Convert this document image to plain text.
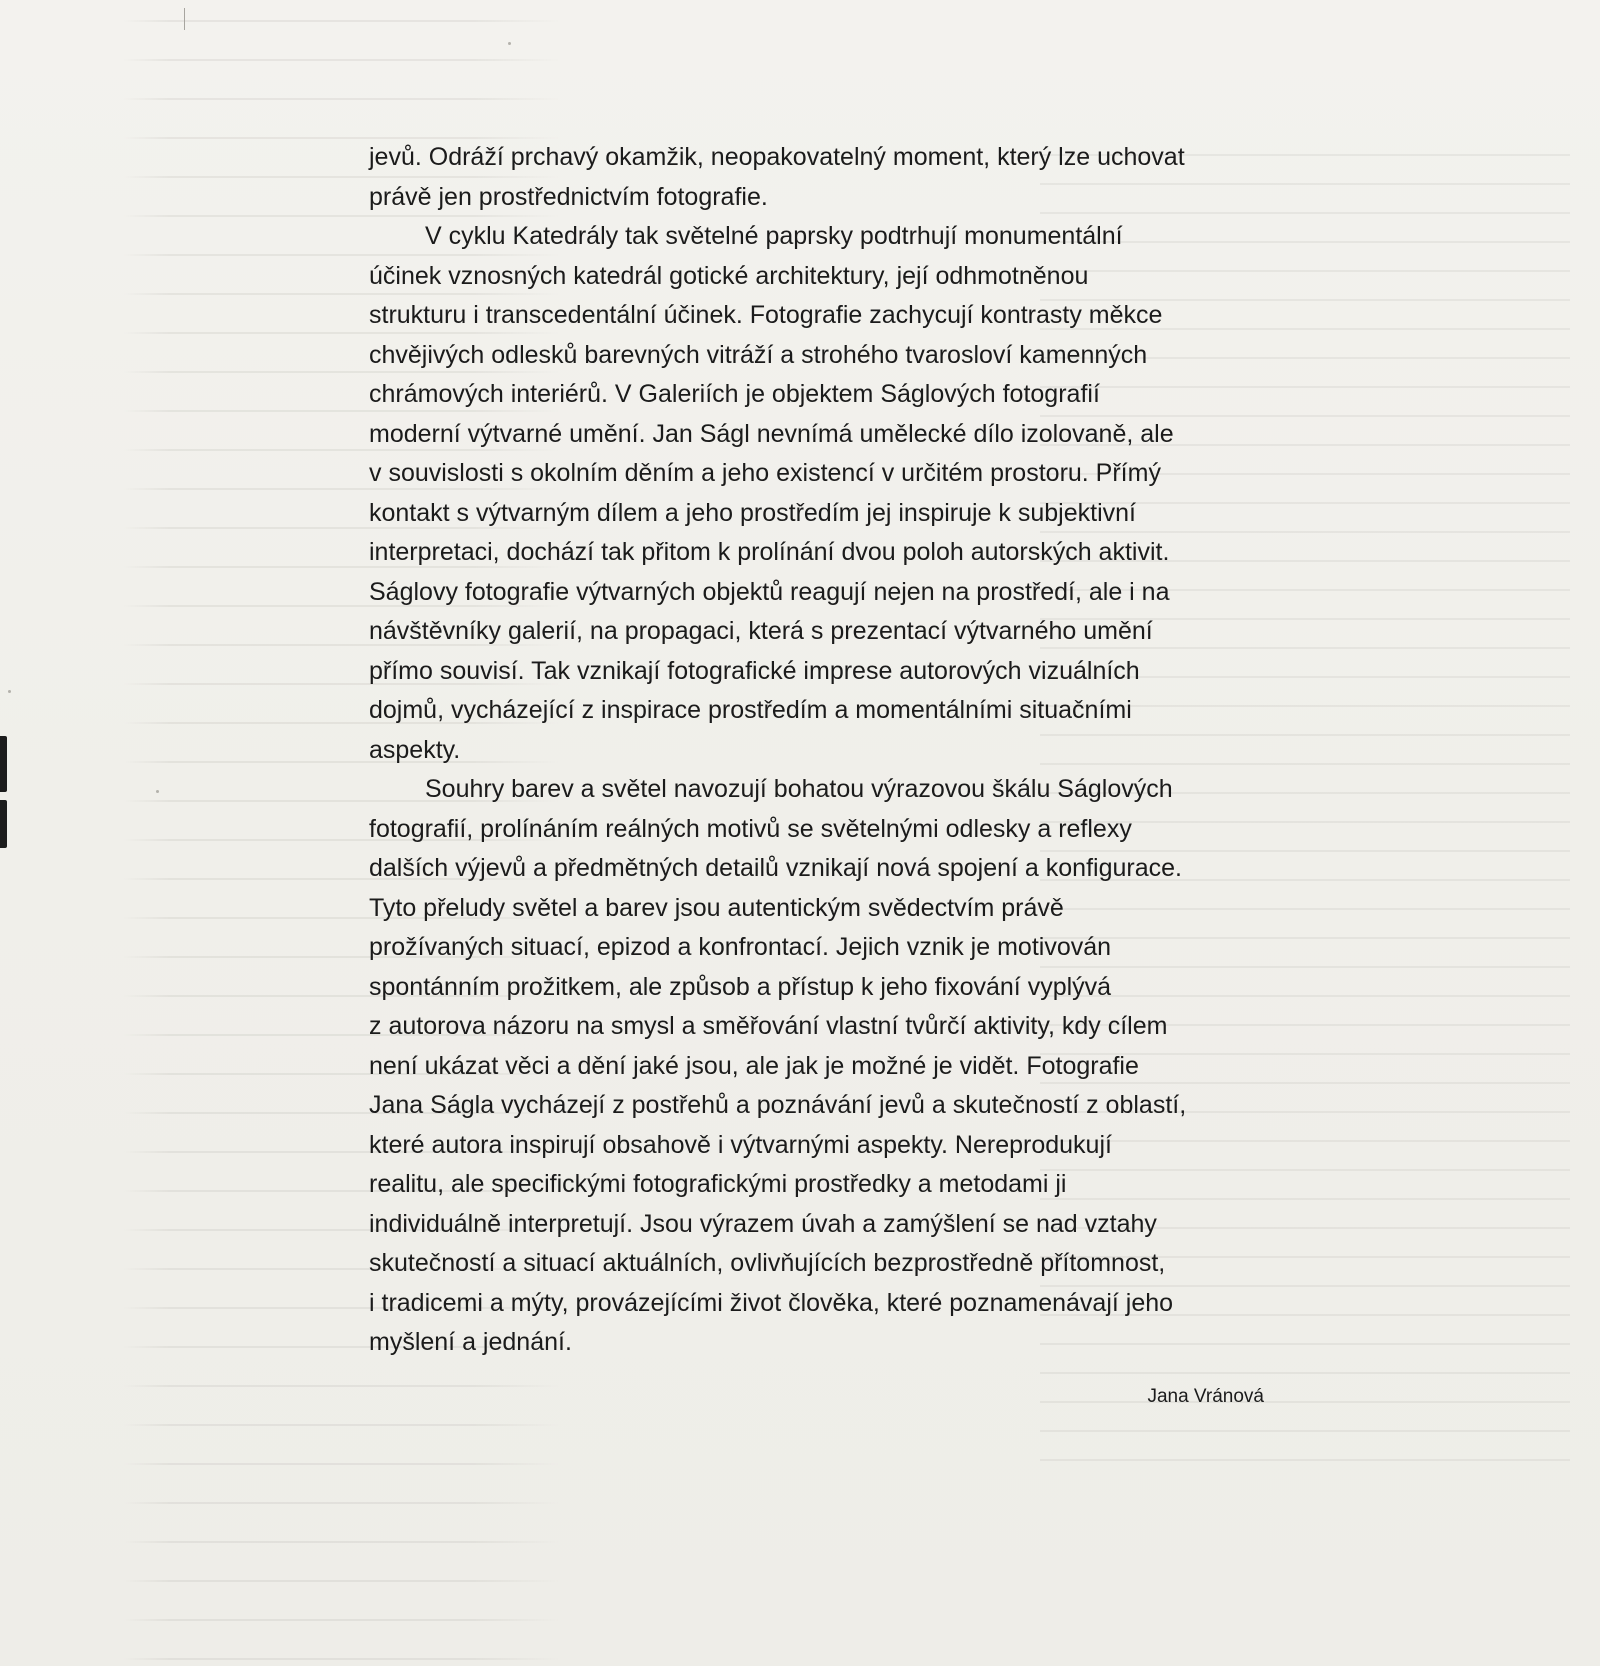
jevů. Odráží prchavý okamžik, neopakovatelný moment, který lze uchovat
právě jen prostřednictvím fotografie.

V cyklu Katedrály tak světelné paprsky podtrhují monumentální
účinek vznosných katedrál gotické architektury, její odhmotněnou
strukturu i transcedentální účinek. Fotografie zachycují kontrasty měkce
chvějivých odlesků barevných vitráží a strohého tvarosloví kamenných
chrámových interiérů. V Galeriích je objektem Ságlových fotografií
moderní výtvarné umění. Jan Ságl nevnímá umělecké dílo izolovaně, ale
v souvislosti s okolním děním a jeho existencí v určitém prostoru. Přímý
kontakt s výtvarným dílem a jeho prostředím jej inspiruje k subjektivní
interpretaci, dochází tak přitom k prolínání dvou poloh autorských aktivit.
Ságlovy fotografie výtvarných objektů reagují nejen na prostředí, ale i na
návštěvníky galerií, na propagaci, která s prezentací výtvarného umění
přímo souvisí. Tak vznikají fotografické imprese autorových vizuálních
dojmů, vycházející z inspirace prostředím a momentálními situačními
aspekty.

Souhry barev a světel navozují bohatou výrazovou škálu Ságlových
fotografií, prolínáním reálných motivů se světelnými odlesky a reflexy
dalších výjevů a předmětných detailů vznikají nová spojení a konfigurace.
Tyto přeludy světel a barev jsou autentickým svědectvím právě
prožívaných situací, epizod a konfrontací. Jejich vznik je motivován
spontánním prožitkem, ale způsob a přístup k jeho fixování vyplývá
z autorova názoru na smysl a směřování vlastní tvůrčí aktivity, kdy cílem
není ukázat věci a dění jaké jsou, ale jak je možné je vidět. Fotografie
Jana Ságla vycházejí z postřehů a poznávání jevů a skutečností z oblastí,
které autora inspirují obsahově i výtvarnými aspekty. Nereprodukují
realitu, ale specifickými fotografickými prostředky a metodami ji
individuálně interpretují. Jsou výrazem úvah a zamýšlení se nad vztahy
skutečností a situací aktuálních, ovlivňujících bezprostředně přítomnost,
i tradicemi a mýty, provázejícími život člověka, které poznamenávají jeho
myšlení a jednání.

Jana Vránová
